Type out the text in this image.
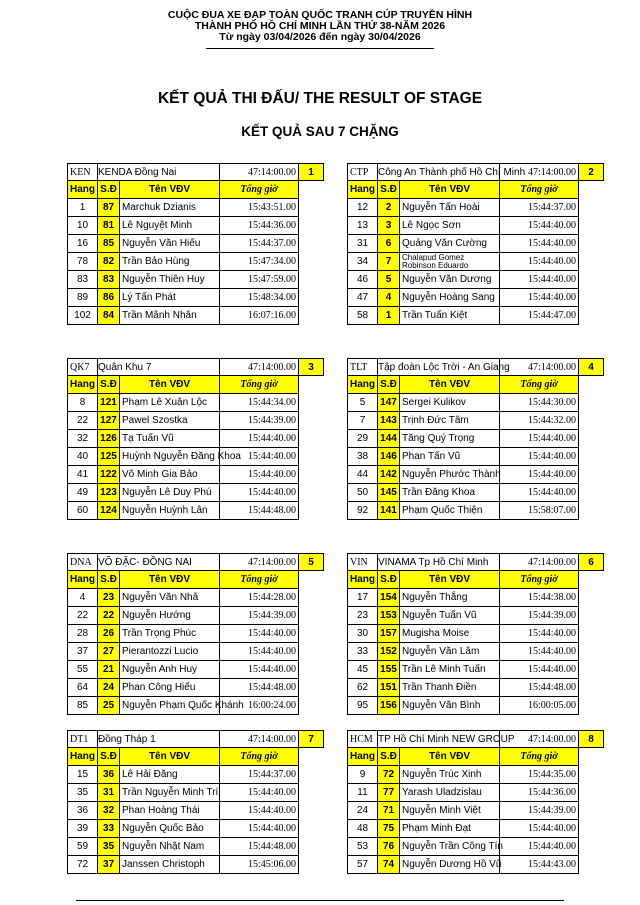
CUỘC ĐUA XE ĐẠP TOÀN QUỐC TRANH CÚP TRUYỀN HÌNH
THÀNH PHỐ HỒ CHÍ MINH LẦN THỨ 38-NĂM 2026
Từ ngày 03/04/2026 đến ngày 30/04/2026
KẾT QUẢ THI ĐẤU/ THE RESULT OF STAGE
KẾT QUẢ SAU 7 CHẶNG
KEN	KENDA Đồng Nai		47:14:00.00	1
Hang	S.Đ	Tên VĐV	Tổng giờ	
1	87	Marchuk Dzianis	15:43:51.00	
10	81	Lê Nguyệt Minh	15:44:36.00	
16	85	Nguyễn Văn Hiếu	15:44:37.00	
78	82	Trần Bảo Hùng	15:47:34.00	
83	83	Nguyễn Thiên Huy	15:47:59.00	
89	86	Lý Tấn Phát	15:48:34.00	
102	84	Trần Mãnh Nhân	16:07:16.00	
CTP	Công An Thành phố Hồ Chí Minh		47:14:00.00	2
Hang	S.Đ	Tên VĐV	Tổng giờ	
12	2	Nguyễn Tấn Hoài	15:44:37.00	
13	3	Lê Ngọc Sơn	15:44:40.00	
31	6	Quảng Văn Cường	15:44:40.00	
34	7	Chalapud Gomez Robinson Eduardo	15:44:40.00	
46	5	Nguyễn Văn Dương	15:44:40.00	
47	4	Nguyễn Hoàng Sang	15:44:40.00	
58	1	Trần Tuấn Kiệt	15:44:47.00	
QK7	Quân Khu 7		47:14:00.00	3
Hang	S.Đ	Tên VĐV	Tổng giờ	
8	121	Phạm Lê Xuân Lộc	15:44:34.00	
22	127	Pawel Szostka	15:44:39.00	
32	126	Tạ Tuấn Vũ	15:44:40.00	
40	125	Huỳnh Nguyễn Đăng Khoa	15:44:40.00	
41	122	Võ Minh Gia Bảo	15:44:40.00	
49	123	Nguyễn Lê Duy Phú	15:44:40.00	
60	124	Nguyễn Huỳnh Lân	15:44:48.00	
TLT	Tập đoàn Lộc Trời - An Giang		47:14:00.00	4
Hang	S.Đ	Tên VĐV	Tổng giờ	
5	147	Sergei Kulikov	15:44:30.00	
7	143	Trịnh Đức Tâm	15:44:32.00	
29	144	Tăng Quý Trọng	15:44:40.00	
38	146	Phan Tấn Vũ	15:44:40.00	
44	142	Nguyễn Phước Thành	15:44:40.00	
50	145	Trần Đăng Khoa	15:44:40.00	
92	141	Phạm Quốc Thiện	15:58:07.00	
DNA	VÕ ĐẶC- ĐỒNG NAI		47:14:00.00	5
Hang	S.Đ	Tên VĐV	Tổng giờ	
4	23	Nguyễn Văn Nhã	15:44:28.00	
22	22	Nguyễn Hướng	15:44:39.00	
28	26	Trần Trọng Phúc	15:44:40.00	
37	27	Pierantozzi Lucio	15:44:40.00	
55	21	Nguyễn Anh Huy	15:44:40.00	
64	24	Phan Công Hiếu	15:44:48.00	
85	25	Nguyễn Phạm Quốc Khánh	16:00:24.00	
VIN	VINAMA Tp Hồ Chí Minh		47:14:00.00	6
Hang	S.Đ	Tên VĐV	Tổng giờ	
17	154	Nguyễn Thắng	15:44:38.00	
23	153	Nguyễn Tuấn Vũ	15:44:39.00	
30	157	Mugisha Moise	15:44:40.00	
33	152	Nguyễn Văn Lâm	15:44:40.00	
45	155	Trần Lê Minh Tuấn	15:44:40.00	
62	151	Trần Thanh Điền	15:44:48.00	
95	156	Nguyễn Văn Bình	16:00:05.00	
DT1	Đồng Tháp 1		47:14:00.00	7
Hang	S.Đ	Tên VĐV	Tổng giờ	
15	36	Lê Hải Đăng	15:44:37.00	
35	31	Trần Nguyễn Minh Trí	15:44:40.00	
36	32	Phan Hoàng Thái	15:44:40.00	
39	33	Nguyễn Quốc Bảo	15:44:40.00	
59	35	Nguyễn Nhật Nam	15:44:48.00	
72	37	Janssen Christoph	15:45:06.00	
HCM	TP Hồ Chí Minh NEW GROUP		47:14:00.00	8
Hang	S.Đ	Tên VĐV	Tổng giờ	
9	72	Nguyễn Trúc Xinh	15:44:35.00	
11	77	Yarash Uladzislau	15:44:36.00	
24	71	Nguyễn Minh Việt	15:44:39.00	
48	75	Phạm Minh Đạt	15:44:40.00	
53	76	Nguyễn Trần Công Tín	15:44:40.00	
57	74	Nguyễn Dương Hồ Vũ	15:44:43.00	
